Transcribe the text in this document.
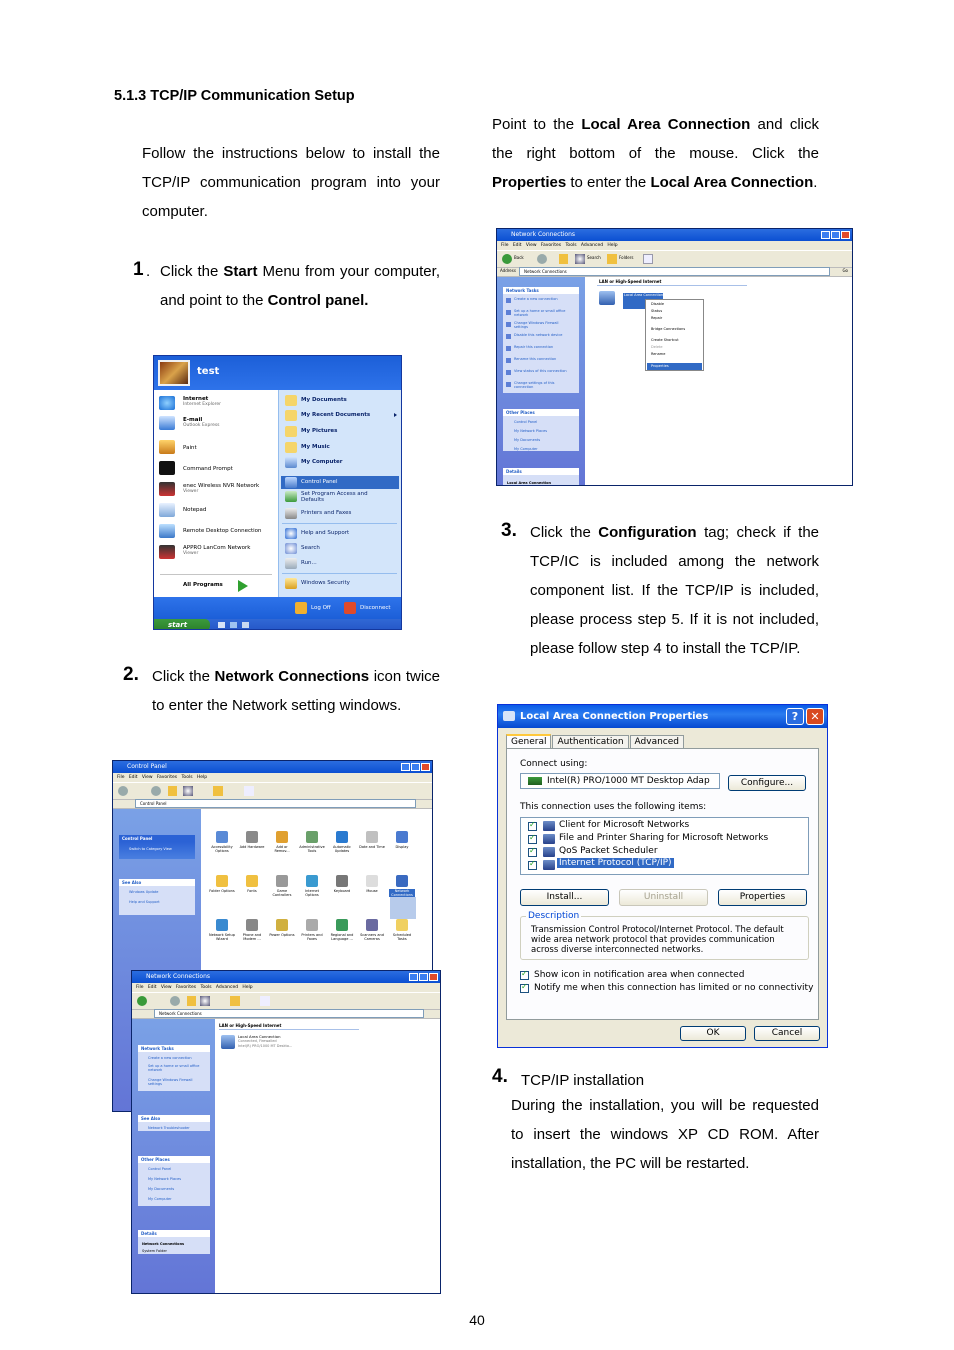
5.1.3 TCP/IP Communication Setup
Follow the instructions below to install the TCP/IP communication program into your computer.
1 . Click the Start Menu from your computer, and point to the Control panel.
test
Internet
Internet Explorer
E-mail
Outlook Express
Paint
Command Prompt
enec Wireless NVR Network
Viewer
Notepad
Remote Desktop Connection
APPRO LanCom Network
Viewer
All Programs
My Documents
My Recent Documents
My Pictures
My Music
My Computer
Control Panel
Set Program Access and Defaults
Printers and Faxes
Help and Support
Search
Run...
Windows Security
Log Off	Disconnect
start
2. Click the Network Connections icon twice to enter the Network setting windows.
Control Panel
File Edit View Favorites Tools Help
Control Panel
Control Panel
Switch to Category View
See Also
Windows Update
Help and Support
Accessibility Options
Add Hardware	Add or Remov...
Administrative Tools
Automatic Updates
Date and Time	Display
Folder Options	Fonts	Game Controllers
Internet Options
Keyboard	Mouse	Network Connections
Network Setup Wizard
Phone and Modem ...
Power Options	Printers and Faxes
Regional and Language ...
Scanners and Cameras
Scheduled Tasks
Network Connections
File Edit View Favorites Tools Advanced Help
Network Connections
Network Tasks
Create a new connection
Set up a home or small office network
Change Windows Firewall settings
See Also
Network Troubleshooter
Other Places
Control Panel
My Network Places
My Documents
My Computer
Details
Network Connections
System Folder
LAN or High-Speed Internet
Local Area Connection
Connected, Firewalled
Intel(R) PRO/1000 MT Deskto...
Point to the Local Area Connection and click the right bottom of the mouse. Click the Properties to enter the Local Area Connection.
Network Connections
File Edit View Favorites Tools Advanced Help
Back	Search	Folders
Address	Network Connections	Go
Network Tasks
Create a new connection
Set up a home or small office network
Change Windows Firewall settings
Disable this network device
Repair this connection
Rename this connection
View status of this connection
Change settings of this connection
Other Places
Control Panel
My Network Places
My Documents
My Computer
Details
Local Area Connection
LAN or High-Speed Internet
Local Area Connection
Disable
Status
Repair
Bridge Connections
Create Shortcut
Delete
Rename
Properties
3. Click the Configuration tag; check if the TCP/IC is included among the network component list. If the TCP/IP is included, please process step 5. If it is not included, please follow step 4 to install the TCP/IP.
Local Area Connection Properties	?	✕
General	Authentication	Advanced
Connect using:
Intel(R) PRO/1000 MT Desktop Adap	Configure...
This connection uses the following items:
✓
Client for Microsoft Networks
✓
File and Printer Sharing for Microsoft Networks
✓
QoS Packet Scheduler
✓
Internet Protocol (TCP/IP)
Install...	Uninstall	Properties
Description
Transmission Control Protocol/Internet Protocol. The default wide area network protocol that provides communication across diverse interconnected networks.
✓
Show icon in notification area when connected
✓
Notify me when this connection has limited or no connectivity
OK	Cancel
4. TCP/IP installation
During the installation, you will be requested to insert the windows XP CD ROM. After installation, the PC will be restarted.
40
